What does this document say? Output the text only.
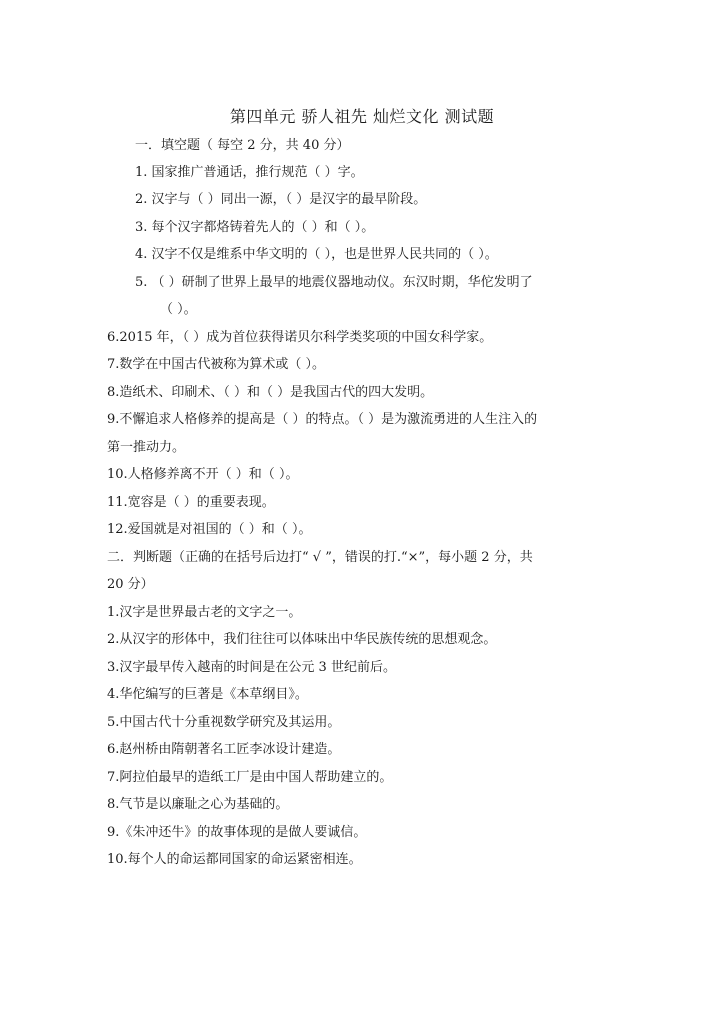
第四单元 骄人祖先 灿烂文化 测试题
一．填空题（ 每空 2 分，共 40 分）
1. 国家推广普通话，推行规范（ ）字。
2. 汉字与（ ）同出一源，（ ）是汉字的最早阶段。
3. 每个汉字都烙铸着先人的（ ）和（ ）。
4. 汉字不仅是维系中华文明的（ ），也是世界人民共同的（ ）。
5. （ ）研制了世界上最早的地震仪器地动仪。东汉时期，华佗发明了
（ ）。
6.2015 年，（ ）成为首位获得诺贝尔科学类奖项的中国女科学家。
7.数学在中国古代被称为算术或（ ）。
8.造纸术、印刷术、（ ）和（ ）是我国古代的四大发明。
9.不懈追求人格修养的提高是（ ）的特点。（ ）是为激流勇进的人生注入的
第一推动力。
10.人格修养离不开（ ）和（ ）。
11.宽容是（ ）的重要表现。
12.爱国就是对祖国的（ ）和（ ）。
二．判断题（正确的在括号后边打“ √ ”，错误的打.“×”，每小题 2 分，共
20 分）
1.汉字是世界最古老的文字之一。
2.从汉字的形体中，我们往往可以体味出中华民族传统的思想观念。
3.汉字最早传入越南的时间是在公元 3 世纪前后。
4.华佗编写的巨著是《本草纲目》。
5.中国古代十分重视数学研究及其运用。
6.赵州桥由隋朝著名工匠李冰设计建造。
7.阿拉伯最早的造纸工厂是由中国人帮助建立的。
8.气节是以廉耻之心为基础的。
9.《朱冲还牛》的故事体现的是做人要诚信。
10.每个人的命运都同国家的命运紧密相连。
